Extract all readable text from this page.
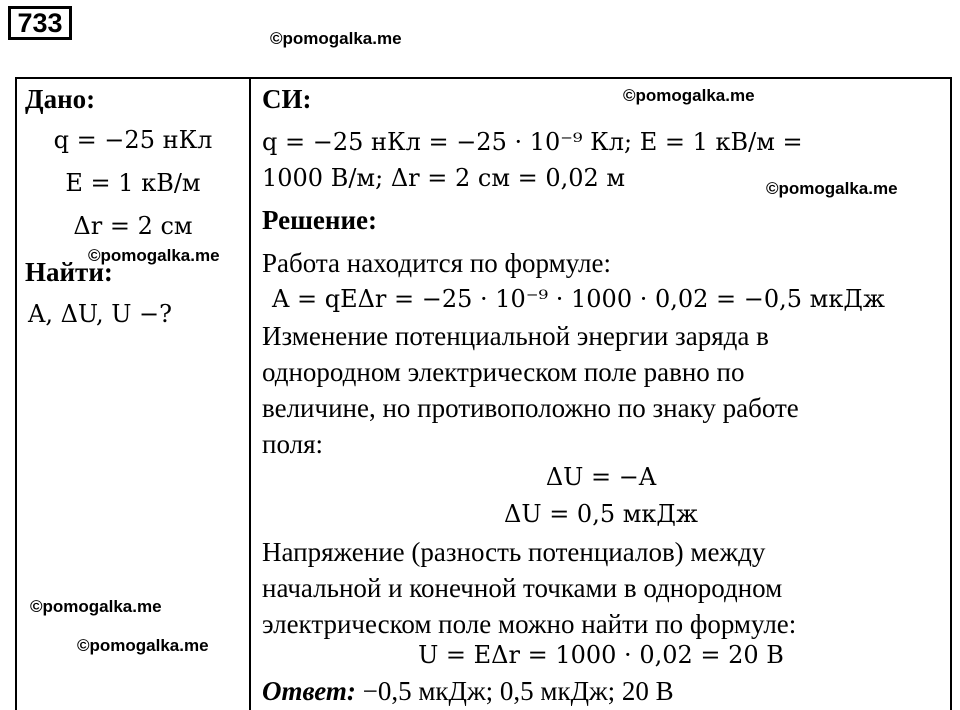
733
©pomogalka.me
©pomogalka.me
©pomogalka.me
©pomogalka.me
©pomogalka.me
©pomogalka.me
Дано:
q = −25 нКл
E = 1 кВ/м
Δr = 2 см
Найти:
A, ΔU, U −?
СИ:
q = −25 нКл = −25 · 10⁻⁹ Кл; E = 1 кВ/м =
1000 В/м; Δr = 2 см = 0,02 м
Решение:
Работа находится по формуле:
A = qEΔr = −25 · 10⁻⁹ · 1000 · 0,02 = −0,5 мкДж
Изменение потенциальной энергии заряда в
однородном электрическом поле равно по
величине, но противоположно по знаку работе
поля:
ΔU = −A
ΔU = 0,5 мкДж
Напряжение (разность потенциалов) между
начальной и конечной точками в однородном
электрическом поле можно найти по формуле:
U = EΔr = 1000 · 0,02 = 20 В
Ответ: −0,5 мкДж; 0,5 мкДж; 20 В
